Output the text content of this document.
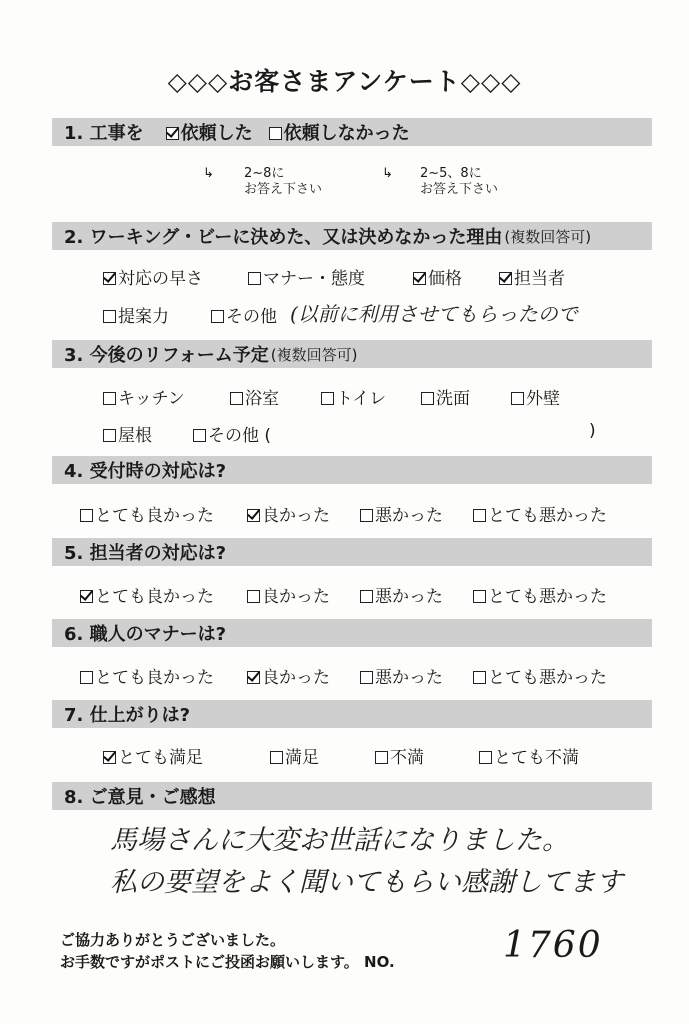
◇◇◇お客さまアンケート◇◇◇
1. 工事を	依頼した	依頼しなかった
↳ 2~8に
お答え下さい
↳ 2~5、8に
お答え下さい
2. ワーキング・ビーに決めた、又は決めなかった理由 (複数回答可)
対応の早さ	マナー・態度	価格	担当者
提案力	その他 (以前に利用させてもらったので
3. 今後のリフォーム予定 (複数回答可)
キッチン	浴室	トイレ	洗面	外壁
屋根	その他 (	)
4. 受付時の対応は?
とても良かった	良かった	悪かった	とても悪かった
5. 担当者の対応は?
とても良かった	良かった	悪かった	とても悪かった
6. 職人のマナーは?
とても良かった	良かった	悪かった	とても悪かった
7. 仕上がりは?
とても満足	満足	不満	とても不満
8. ご意見・ご感想
馬場さんに大変お世話になりました。
私の要望をよく聞いてもらい感謝してます
ご協力ありがとうございました。
お手数ですがポストにご投函お願いします。 NO.	1760
